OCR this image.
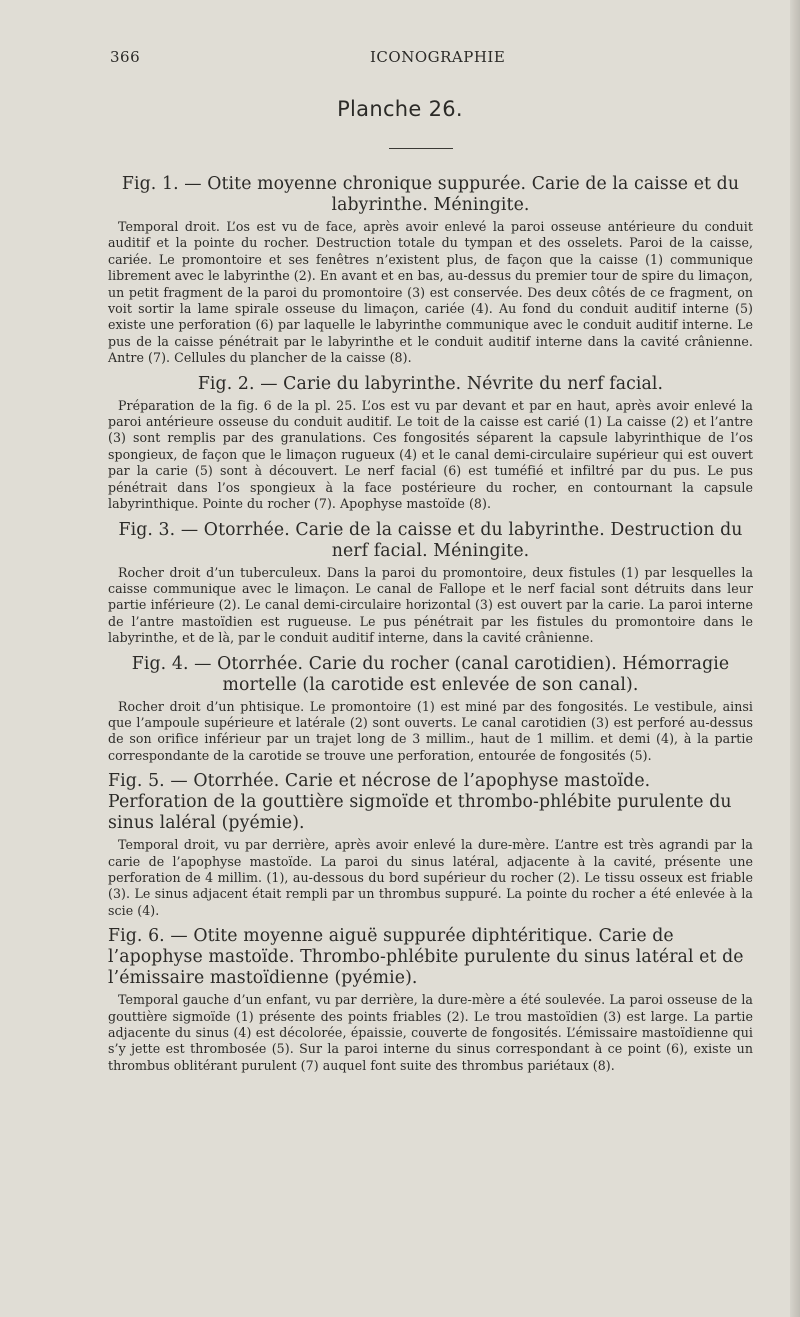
366	ICONOGRAPHIE
Planche 26.

Fig. 1. — Otite moyenne chronique suppurée. Carie de la caisse et du labyrinthe. Méningite.

Temporal droit. L’os est vu de face, après avoir enlevé la paroi osseuse antérieure du conduit auditif et la pointe du rocher. Destruction totale du tympan et des osselets. Paroi de la caisse, cariée. Le promontoire et ses fenêtres n’existent plus, de façon que la caisse (1) communique librement avec le labyrinthe (2). En avant et en bas, au-dessus du premier tour de spire du limaçon, un petit fragment de la paroi du promontoire (3) est conservée. Des deux côtés de ce fragment, on voit sortir la lame spirale osseuse du limaçon, cariée (4). Au fond du conduit auditif interne (5) existe une perforation (6) par laquelle le labyrinthe communique avec le conduit auditif interne. Le pus de la caisse pénétrait par le labyrinthe et le conduit auditif interne dans la cavité crânienne. Antre (7). Cellules du plancher de la caisse (8).

Fig. 2. — Carie du labyrinthe. Névrite du nerf facial.

Préparation de la fig. 6 de la pl. 25. L’os est vu par devant et par en haut, après avoir enlevé la paroi antérieure osseuse du conduit auditif. Le toit de la caisse est carié (1) La caisse (2) et l’antre (3) sont remplis par des granulations. Ces fongosités séparent la capsule labyrinthique de l’os spongieux, de façon que le limaçon rugueux (4) et le canal demi-circulaire supérieur qui est ouvert par la carie (5) sont à découvert. Le nerf facial (6) est tuméfié et infiltré par du pus. Le pus pénétrait dans l’os spongieux à la face postérieure du rocher, en contournant la capsule labyrinthique. Pointe du rocher (7). Apophyse mastoïde (8).

Fig. 3. — Otorrhée. Carie de la caisse et du labyrinthe. Destruction du nerf facial. Méningite.

Rocher droit d’un tuberculeux. Dans la paroi du promontoire, deux fistules (1) par lesquelles la caisse communique avec le limaçon. Le canal de Fallope et le nerf facial sont détruits dans leur partie inférieure (2). Le canal demi-circulaire horizontal (3) est ouvert par la carie. La paroi interne de l’antre mastoïdien est rugueuse. Le pus pénétrait par les fistules du promontoire dans le labyrinthe, et de là, par le conduit auditif interne, dans la cavité crânienne.

Fig. 4. — Otorrhée. Carie du rocher (canal carotidien). Hémorragie mortelle (la carotide est enlevée de son canal).

Rocher droit d’un phtisique. Le promontoire (1) est miné par des fongosités. Le vestibule, ainsi que l’ampoule supérieure et latérale (2) sont ouverts. Le canal carotidien (3) est perforé au-dessus de son orifice inférieur par un trajet long de 3 millim., haut de 1 millim. et demi (4), à la partie correspondante de la carotide se trouve une perforation, entourée de fongosités (5).

Fig. 5. — Otorrhée. Carie et nécrose de l’apophyse mastoïde. Perforation de la gouttière sigmoïde et thrombo-phlébite purulente du sinus laléral (pyémie).

Temporal droit, vu par derrière, après avoir enlevé la dure-mère. L’antre est très agrandi par la carie de l’apophyse mastoïde. La paroi du sinus latéral, adjacente à la cavité, présente une perforation de 4 millim. (1), au-dessous du bord supérieur du rocher (2). Le tissu osseux est friable (3). Le sinus adjacent était rempli par un thrombus suppuré. La pointe du rocher a été enlevée à la scie (4).

Fig. 6. — Otite moyenne aiguë suppurée diphtéritique. Carie de l’apophyse mastoïde. Thrombo-phlébite purulente du sinus latéral et de l’émissaire mastoïdienne (pyémie).

Temporal gauche d’un enfant, vu par derrière, la dure-mère a été soulevée. La paroi osseuse de la gouttière sigmoïde (1) présente des points friables (2). Le trou mastoïdien (3) est large. La partie adjacente du sinus (4) est décolorée, épaissie, couverte de fongosités. L’émissaire mastoïdienne qui s’y jette est thrombosée (5). Sur la paroi interne du sinus correspondant à ce point (6), existe un thrombus oblitérant purulent (7) auquel font suite des thrombus pariétaux (8).
